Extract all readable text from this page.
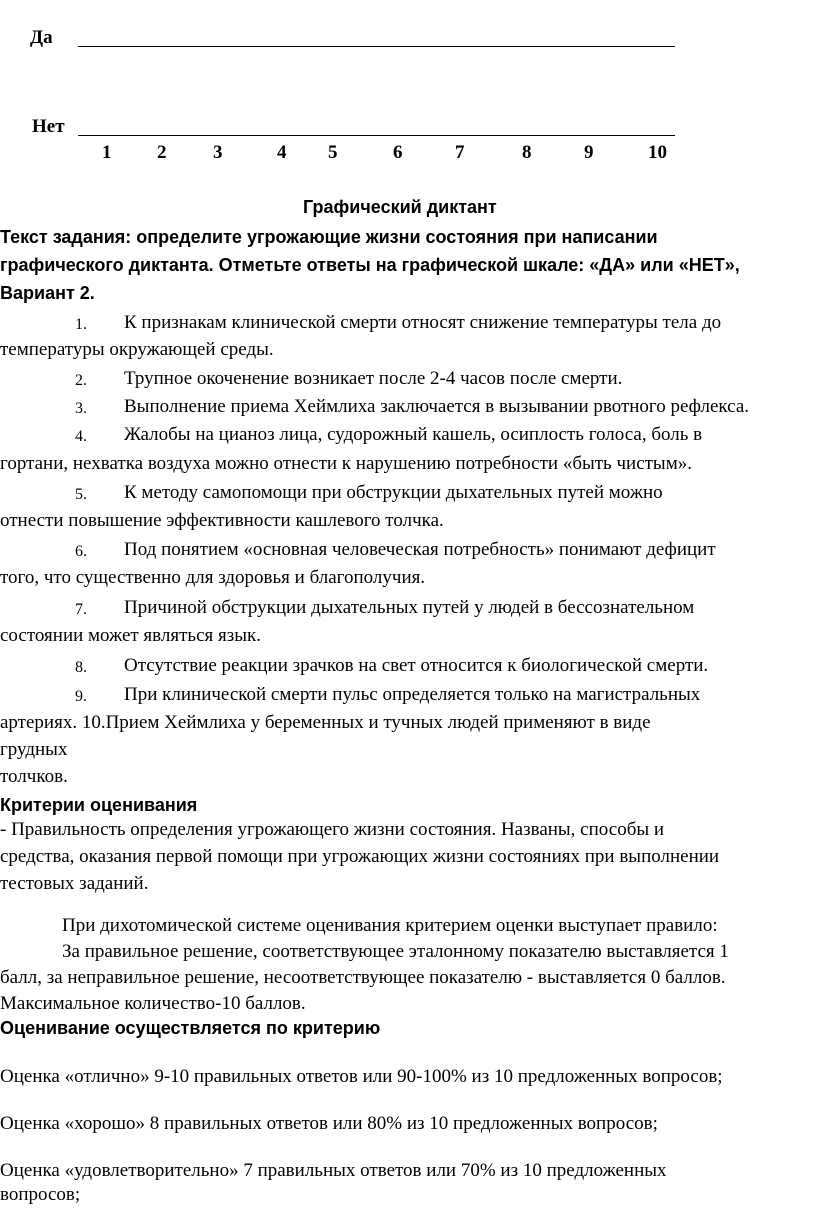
Да
Нет
1 2 3	4 5	6	7	8	9	10
Графический диктант
Текст задания: определите угрожающие жизни состояния при написании
графического диктанта. Отметьте ответы на графической шкале: «ДА» или «НЕТ»,
Вариант 2.
1. К признакам клинической смерти относят снижение температуры тела до
температуры окружающей среды.
2. Трупное окоченение возникает после 2-4 часов после смерти.
3. Выполнение приема Хеймлиха заключается в вызывании рвотного рефлекса.
4. Жалобы на цианоз лица, судорожный кашель, осиплость голоса, боль в
гортани, нехватка воздуха можно отнести к нарушению потребности «быть чистым».
5. К методу самопомощи при обструкции дыхательных путей можно
отнести повышение эффективности кашлевого толчка.
6. Под понятием «основная человеческая потребность» понимают дефицит
того, что существенно для здоровья и благополучия.
7. Причиной обструкции дыхательных путей у людей в бессознательном
состоянии может являться язык.
8. Отсутствие реакции зрачков на свет относится к биологической смерти.
9. При клинической смерти пульс определяется только на магистральных
артериях. 10.Прием Хеймлиха у беременных и тучных людей применяют в виде
грудных
толчков.
Критерии оценивания
- Правильность определения угрожающего жизни состояния. Названы, способы и
средства, оказания первой помощи при угрожающих жизни состояниях при выполнении
тестовых заданий.
При дихотомической системе оценивания критерием оценки выступает правило:
За правильное решение, соответствующее эталонному показателю выставляется 1
балл, за неправильное решение, несоответствующее показателю - выставляется 0 баллов.
Максимальное количество-10 баллов.
Оценивание осуществляется по критерию
Оценка «отлично» 9-10 правильных ответов или 90-100% из 10 предложенных вопросов;
Оценка «хорошо» 8 правильных ответов или 80% из 10 предложенных вопросов;
Оценка «удовлетворительно» 7 правильных ответов или 70% из 10 предложенных
вопросов;
